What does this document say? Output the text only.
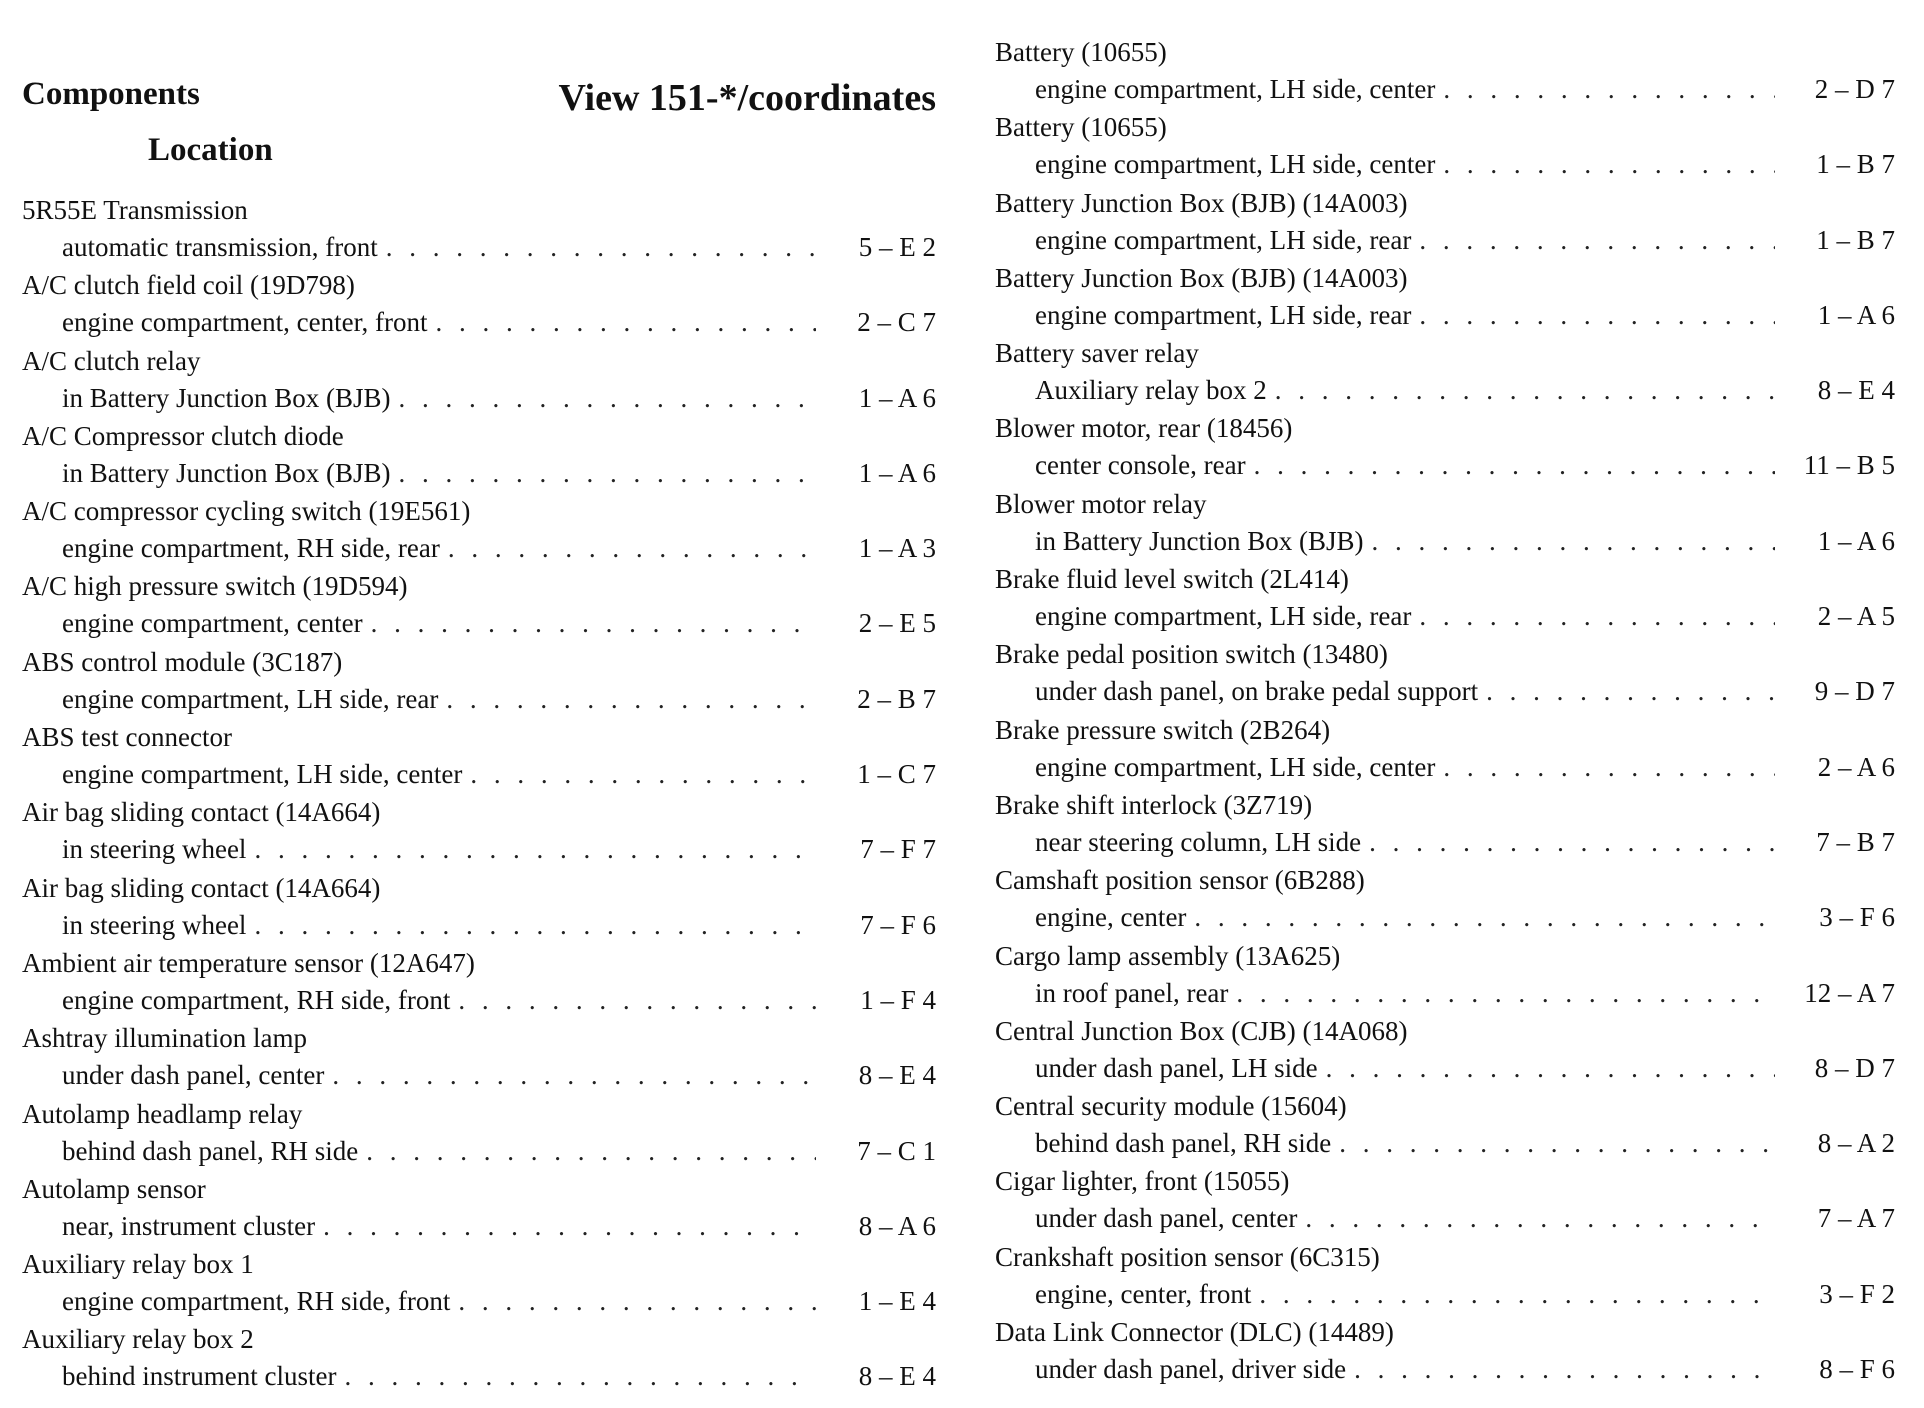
Components	View 151-*/coordinates
Location
5R55E Transmission
automatic transmission, front . . .	5 – E 2
A/C clutch field coil (19D798)
engine compartment, center, front . . .	2 – C 7
A/C clutch relay
in Battery Junction Box (BJB) . . .	1 – A 6
A/C Compressor clutch diode
in Battery Junction Box (BJB) . . .	1 – A 6
A/C compressor cycling switch (19E561)
engine compartment, RH side, rear . . .	1 – A 3
A/C high pressure switch (19D594)
engine compartment, center . . .	2 – E 5
ABS control module (3C187)
engine compartment, LH side, rear . . .	2 – B 7
ABS test connector
engine compartment, LH side, center . . .	1 – C 7
Air bag sliding contact (14A664)
in steering wheel . . .	7 – F 7
Air bag sliding contact (14A664)
in steering wheel . . .	7 – F 6
Ambient air temperature sensor (12A647)
engine compartment, RH side, front . . .	1 – F 4
Ashtray illumination lamp
under dash panel, center . . .	8 – E 4
Autolamp headlamp relay
behind dash panel, RH side . . .	7 – C 1
Autolamp sensor
near, instrument cluster . . .	8 – A 6
Auxiliary relay box 1
engine compartment, RH side, front . . .	1 – E 4
Auxiliary relay box 2
behind instrument cluster . . .	8 – E 4
Battery (10655)
engine compartment, LH side, center . . .	2 – D 7
Battery (10655)
engine compartment, LH side, center . . .	1 – B 7
Battery Junction Box (BJB) (14A003)
engine compartment, LH side, rear . . .	1 – B 7
Battery Junction Box (BJB) (14A003)
engine compartment, LH side, rear . . .	1 – A 6
Battery saver relay
Auxiliary relay box 2 . . .	8 – E 4
Blower motor, rear (18456)
center console, rear . . .	11 – B 5
Blower motor relay
in Battery Junction Box (BJB) . . .	1 – A 6
Brake fluid level switch (2L414)
engine compartment, LH side, rear . . .	2 – A 5
Brake pedal position switch (13480)
under dash panel, on brake pedal support . . .	9 – D 7
Brake pressure switch (2B264)
engine compartment, LH side, center . . .	2 – A 6
Brake shift interlock (3Z719)
near steering column, LH side . . .	7 – B 7
Camshaft position sensor (6B288)
engine, center . . .	3 – F 6
Cargo lamp assembly (13A625)
in roof panel, rear . . .	12 – A 7
Central Junction Box (CJB) (14A068)
under dash panel, LH side . . .	8 – D 7
Central security module (15604)
behind dash panel, RH side . . .	8 – A 2
Cigar lighter, front (15055)
under dash panel, center . . .	7 – A 7
Crankshaft position sensor (6C315)
engine, center, front . . .	3 – F 2
Data Link Connector (DLC) (14489)
under dash panel, driver side . . .	8 – F 6
